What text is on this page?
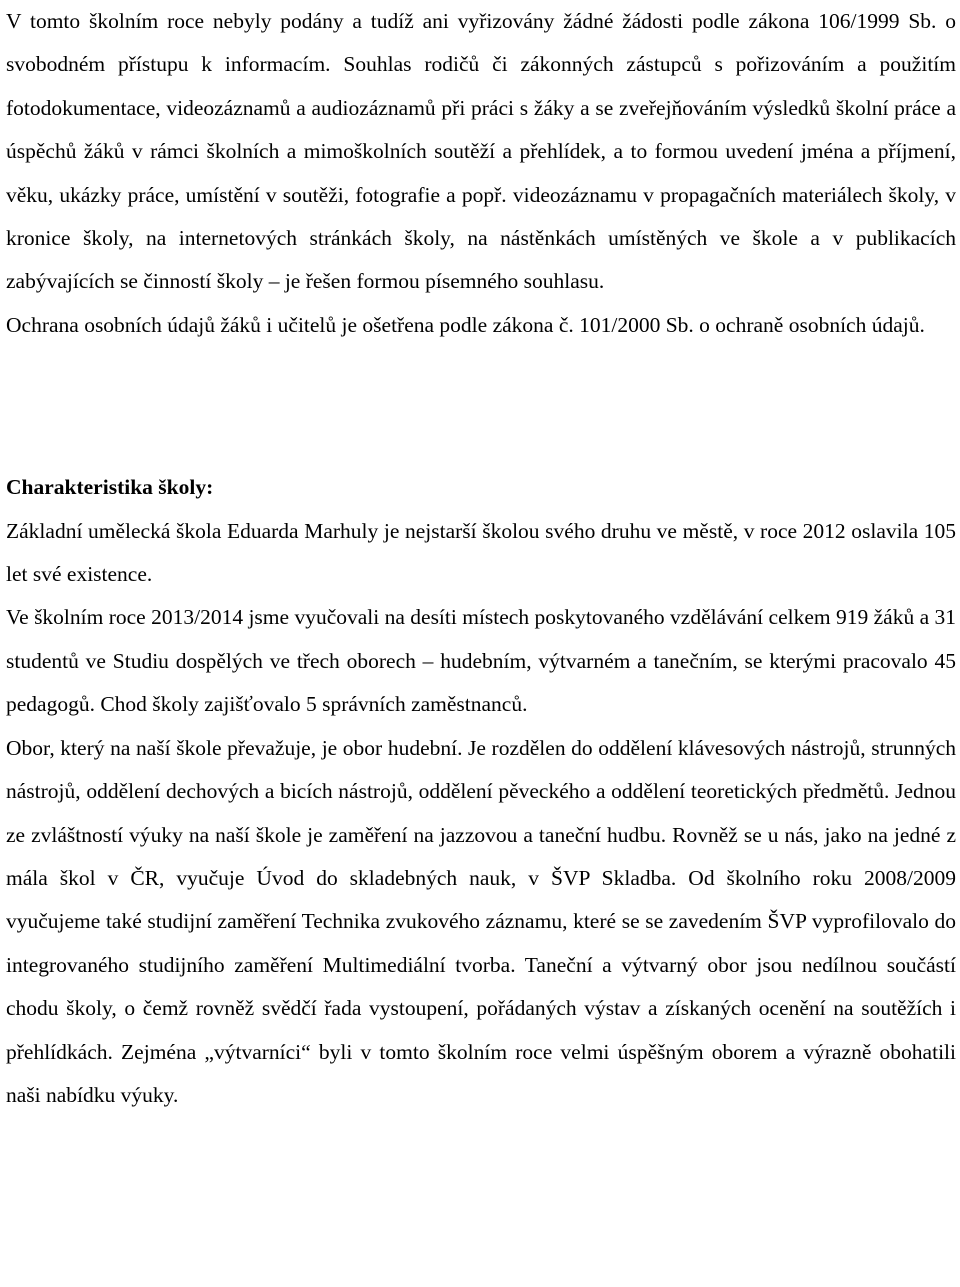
V tomto školním roce nebyly podány a tudíž ani vyřizovány žádné žádosti podle zákona 106/1999 Sb. o svobodném přístupu k informacím. Souhlas rodičů či zákonných zástupců s pořizováním a použitím fotodokumentace, videozáznamů a audiozáznamů při práci s žáky a se zveřejňováním výsledků školní práce a úspěchů žáků v rámci školních a mimoškolních soutěží a přehlídek, a to formou uvedení jména a příjmení, věku, ukázky práce, umístění v soutěži, fotografie a popř. videozáznamu v propagačních materiálech školy, v kronice školy, na internetových stránkách školy, na nástěnkách umístěných ve škole a v publikacích zabývajících se činností školy – je řešen formou písemného souhlasu.

Ochrana osobních údajů žáků i učitelů je ošetřena podle zákona č. 101/2000 Sb. o ochraně osobních údajů.

Charakteristika školy:

Základní umělecká škola Eduarda Marhuly je nejstarší školou svého druhu ve městě, v roce 2012 oslavila 105 let své existence.

Ve školním roce 2013/2014 jsme vyučovali na desíti místech poskytovaného vzdělávání celkem 919 žáků a 31 studentů ve Studiu dospělých ve třech oborech – hudebním, výtvarném a tanečním, se kterými pracovalo 45 pedagogů. Chod školy zajišťovalo 5 správních zaměstnanců.

Obor, který na naší škole převažuje, je obor hudební. Je rozdělen do oddělení klávesových nástrojů, strunných nástrojů, oddělení dechových a bicích nástrojů, oddělení pěveckého a oddělení teoretických předmětů. Jednou ze zvláštností výuky na naší škole je zaměření na jazzovou a taneční hudbu. Rovněž se u nás, jako na jedné z mála škol v ČR, vyučuje Úvod do skladebných nauk, v ŠVP Skladba. Od školního roku 2008/2009 vyučujeme také studijní zaměření Technika zvukového záznamu, které se se zavedením ŠVP vyprofilovalo do integrovaného studijního zaměření Multimediální tvorba. Taneční a výtvarný obor jsou nedílnou součástí chodu školy, o čemž rovněž svědčí řada vystoupení, pořádaných výstav a získaných ocenění na soutěžích i přehlídkách. Zejména „výtvarníci“ byli v tomto školním roce velmi úspěšným oborem a výrazně obohatili naši nabídku výuky.
